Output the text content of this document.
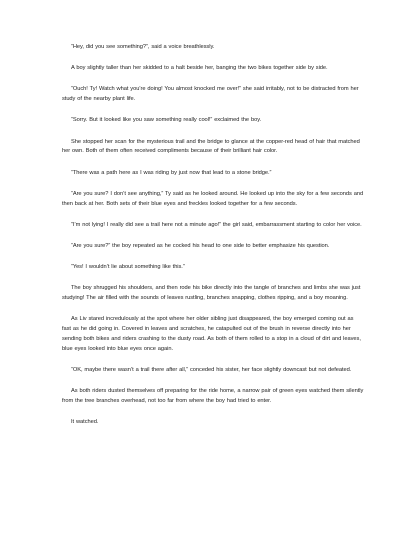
“Hey, did you see something?”, said a voice breathlessly.

A boy slightly taller than her skidded to a halt beside her, banging the two bikes together side by side.

“Ouch! Ty! Watch what you’re doing! You almost knocked me over!” she said irritably, not to be distracted from her study of the nearby plant life.

“Sorry. But it looked like you saw something really cool!” exclaimed the boy.

She stopped her scan for the mysterious trail and the bridge to glance at the copper-red head of hair that matched her own. Both of them often received compliments because of their brilliant hair color.

“There was a path here as I was riding by just now that lead to a stone bridge.”

“Are you sure? I don’t see anything,” Ty said as he looked around. He looked up into the sky for a few seconds and then back at her. Both sets of their blue eyes and freckles looked together for a few seconds.

“I’m not lying! I really did see a trail here not a minute ago!” the girl said, embarrassment starting to color her voice.

“Are you sure?” the boy repeated as he cocked his head to one side to better emphasize his question.

“Yes! I wouldn’t lie about something like this.”

The boy shrugged his shoulders, and then rode his bike directly into the tangle of branches and limbs she was just studying! The air filled with the sounds of leaves rustling, branches snapping, clothes ripping, and a boy moaning.

As Liv stared incredulously at the spot where her older sibling just disappeared, the boy emerged coming out as fast as he did going in. Covered in leaves and scratches, he catapulted out of the brush in reverse directly into her sending both bikes and riders crashing to the dusty road. As both of them rolled to a stop in a cloud of dirt and leaves, blue eyes looked into blue eyes once again.

“OK, maybe there wasn’t a trail there after all,” conceded his sister, her face slightly downcast but not defeated.

As both riders dusted themselves off preparing for the ride home, a narrow pair of green eyes watched them silently from the tree branches overhead, not too far from where the boy had tried to enter.

It watched.
